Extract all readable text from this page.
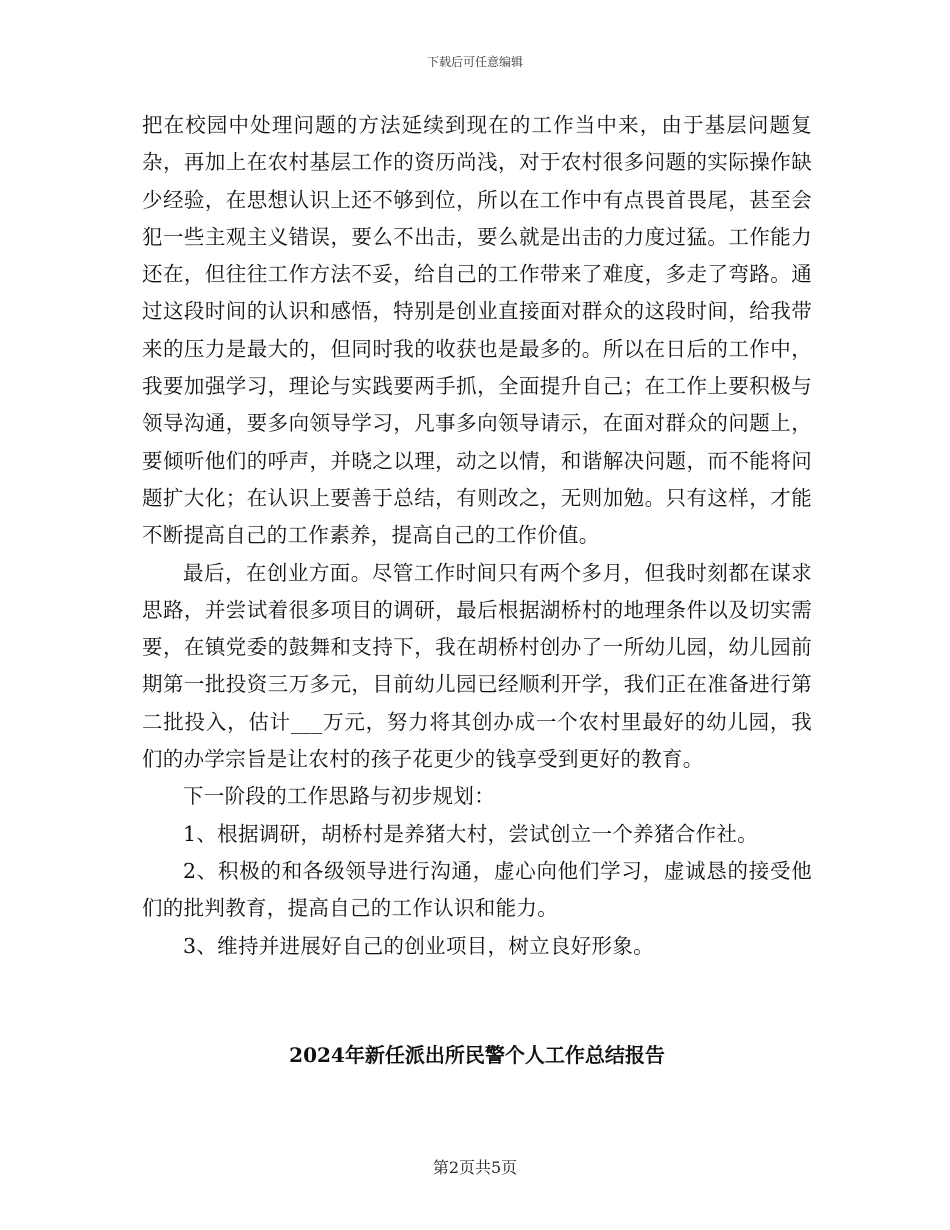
下载后可任意编辑

把在校园中处理问题的方法延续到现在的工作当中来，由于基层问题复杂，再加上在农村基层工作的资历尚浅，对于农村很多问题的实际操作缺少经验，在思想认识上还不够到位，所以在工作中有点畏首畏尾，甚至会犯一些主观主义错误，要么不出击，要么就是出击的力度过猛。工作能力还在，但往往工作方法不妥，给自己的工作带来了难度，多走了弯路。通过这段时间的认识和感悟，特别是创业直接面对群众的这段时间，给我带来的压力是最大的，但同时我的收获也是最多的。所以在日后的工作中，我要加强学习，理论与实践要两手抓，全面提升自己；在工作上要积极与领导沟通，要多向领导学习，凡事多向领导请示，在面对群众的问题上，要倾听他们的呼声，并晓之以理，动之以情，和谐解决问题，而不能将问题扩大化；在认识上要善于总结，有则改之，无则加勉。只有这样，才能不断提高自己的工作素养，提高自己的工作价值。

最后，在创业方面。尽管工作时间只有两个多月，但我时刻都在谋求思路，并尝试着很多项目的调研，最后根据湖桥村的地理条件以及切实需要，在镇党委的鼓舞和支持下，我在胡桥村创办了一所幼儿园，幼儿园前期第一批投资三万多元，目前幼儿园已经顺利开学，我们正在准备进行第二批投入，估计___万元，努力将其创办成一个农村里最好的幼儿园，我们的办学宗旨是让农村的孩子花更少的钱享受到更好的教育。

下一阶段的工作思路与初步规划：

1、根据调研，胡桥村是养猪大村，尝试创立一个养猪合作社。

2、积极的和各级领导进行沟通，虚心向他们学习，虚诚恳的接受他们的批判教育，提高自己的工作认识和能力。

3、维持并进展好自己的创业项目，树立良好形象。

2024年新任派出所民警个人工作总结报告
第2页共5页
